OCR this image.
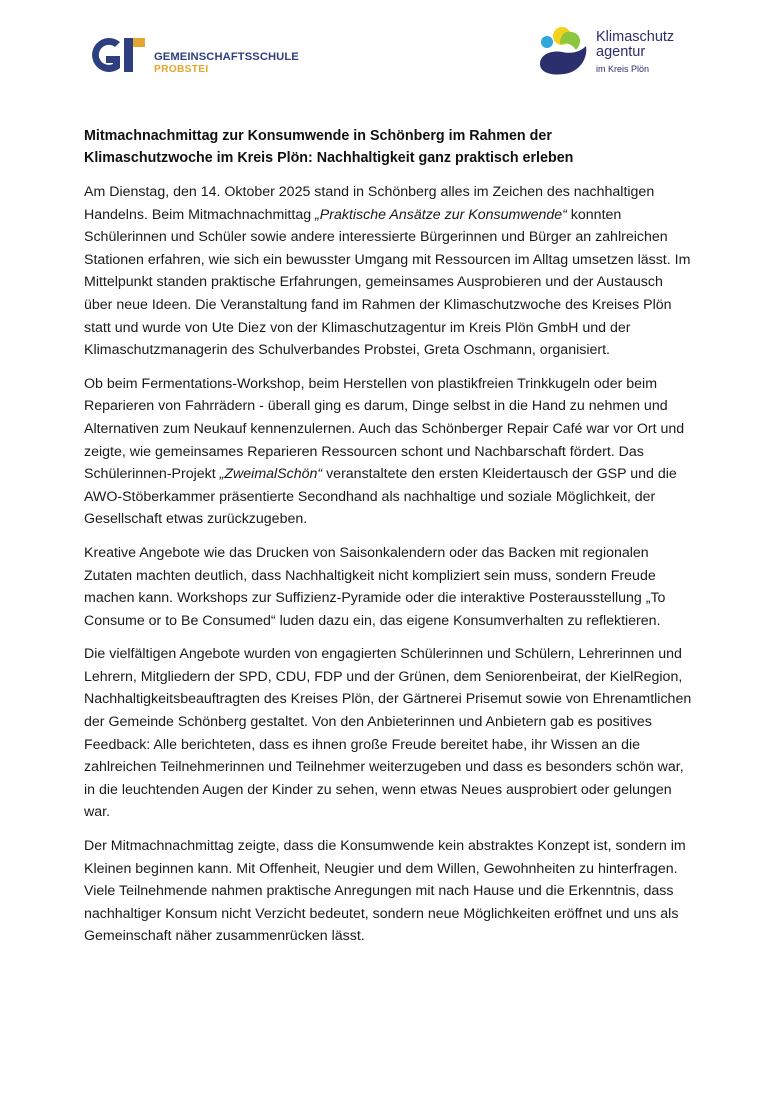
GEMEINSCHAFTSSCHULE
PROBSTEI
Klimaschutz
agentur
im Kreis Plön
Mitmachnachmittag zur Konsumwende in Schönberg im Rahmen der
Klimaschutzwoche im Kreis Plön: Nachhaltigkeit ganz praktisch erleben

Am Dienstag, den 14. Oktober 2025 stand in Schönberg alles im Zeichen des nachhaltigen Handelns. Beim Mitmachnachmittag „Praktische Ansätze zur Konsumwende“ konnten Schülerinnen und Schüler sowie andere interessierte Bürgerinnen und Bürger an zahlreichen Stationen erfahren, wie sich ein bewusster Umgang mit Ressourcen im Alltag umsetzen lässt. Im Mittelpunkt standen praktische Erfahrungen, gemeinsames Ausprobieren und der Austausch über neue Ideen. Die Veranstaltung fand im Rahmen der Klimaschutzwoche des Kreises Plön statt und wurde von Ute Diez von der Klimaschutzagentur im Kreis Plön GmbH und der Klimaschutzmanagerin des Schulverbandes Probstei, Greta Oschmann, organisiert.

Ob beim Fermentations-Workshop, beim Herstellen von plastikfreien Trinkkugeln oder beim Reparieren von Fahrrädern - überall ging es darum, Dinge selbst in die Hand zu nehmen und Alternativen zum Neukauf kennenzulernen. Auch das Schönberger Repair Café war vor Ort und zeigte, wie gemeinsames Reparieren Ressourcen schont und Nachbarschaft fördert. Das Schülerinnen-Projekt „ZweimalSchön“ veranstaltete den ersten Kleidertausch der GSP und die AWO-Stöberkammer präsentierte Secondhand als nachhaltige und soziale Möglichkeit, der Gesellschaft etwas zurückzugeben.

Kreative Angebote wie das Drucken von Saisonkalendern oder das Backen mit regionalen Zutaten machten deutlich, dass Nachhaltigkeit nicht kompliziert sein muss, sondern Freude machen kann. Workshops zur Suffizienz-Pyramide oder die interaktive Posterausstellung „To Consume or to Be Consumed“ luden dazu ein, das eigene Konsumverhalten zu reflektieren.

Die vielfältigen Angebote wurden von engagierten Schülerinnen und Schülern, Lehrerinnen und Lehrern, Mitgliedern der SPD, CDU, FDP und der Grünen, dem Seniorenbeirat, der KielRegion, Nachhaltigkeitsbeauftragten des Kreises Plön, der Gärtnerei Prisemut sowie von Ehrenamtlichen der Gemeinde Schönberg gestaltet. Von den Anbieterinnen und Anbietern gab es positives Feedback: Alle berichteten, dass es ihnen große Freude bereitet habe, ihr Wissen an die zahlreichen Teilnehmerinnen und Teilnehmer weiterzugeben und dass es besonders schön war, in die leuchtenden Augen der Kinder zu sehen, wenn etwas Neues ausprobiert oder gelungen war.

Der Mitmachnachmittag zeigte, dass die Konsumwende kein abstraktes Konzept ist, sondern im Kleinen beginnen kann. Mit Offenheit, Neugier und dem Willen, Gewohnheiten zu hinterfragen. Viele Teilnehmende nahmen praktische Anregungen mit nach Hause und die Erkenntnis, dass nachhaltiger Konsum nicht Verzicht bedeutet, sondern neue Möglichkeiten eröffnet und uns als Gemeinschaft näher zusammenrücken lässt.
